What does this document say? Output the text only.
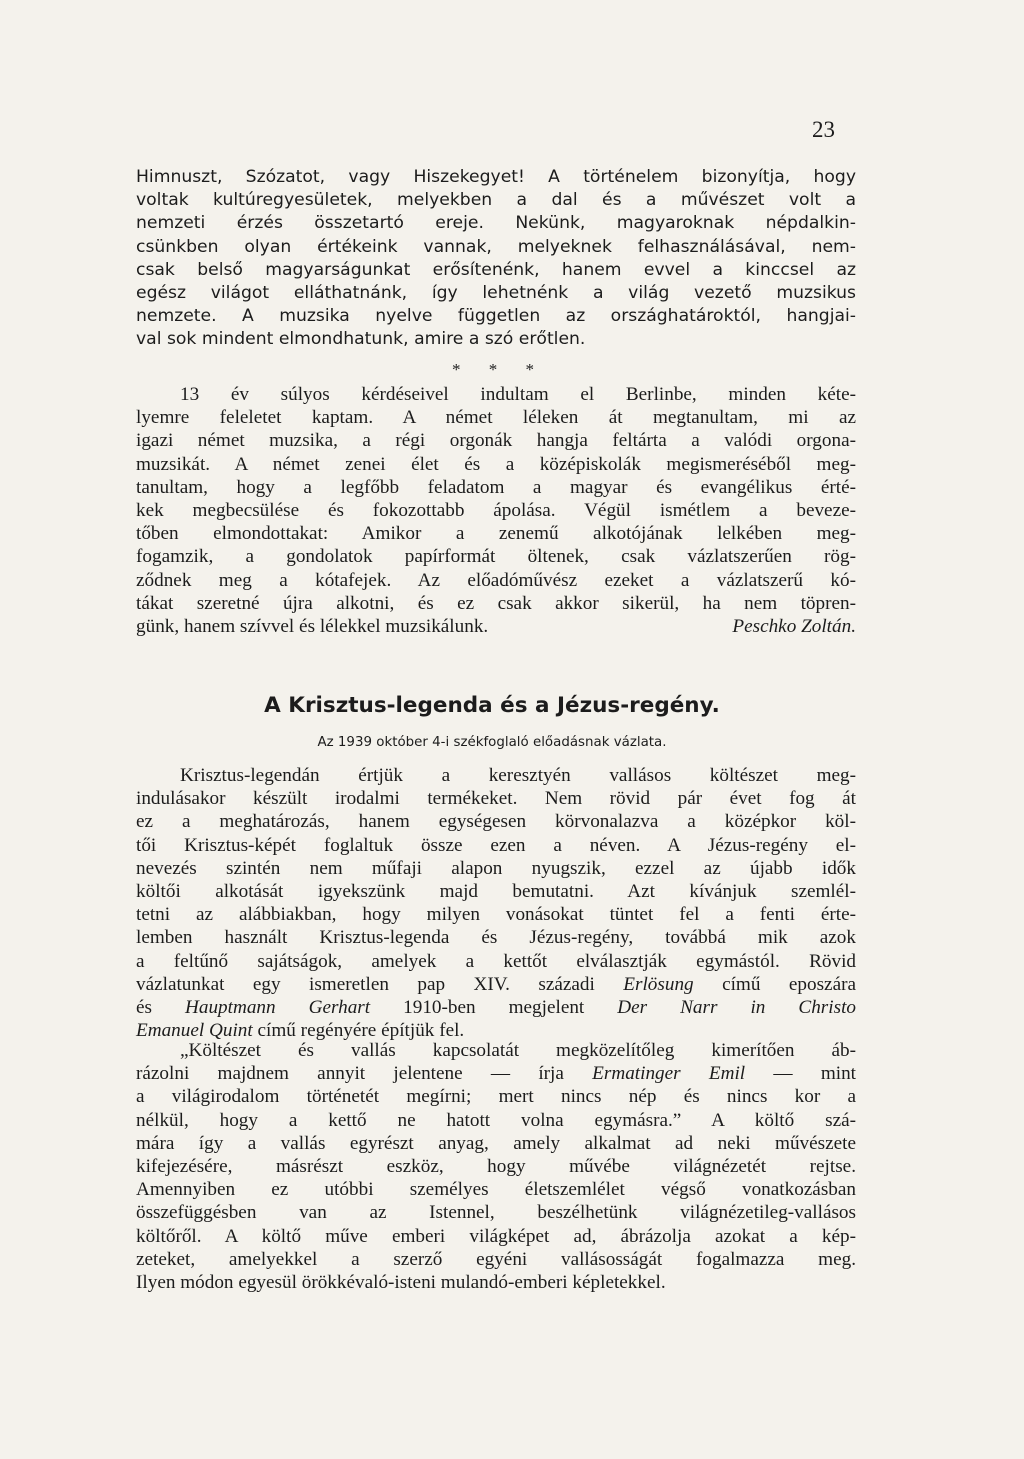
23
Himnuszt, Szózatot, vagy Hiszekegyet! A történelem bizonyítja, hogy
voltak kultúregyesületek, melyekben a dal és a művészet volt a
nemzeti érzés összetartó ereje. Nekünk, magyaroknak népdalkin-
csünkben olyan értékeink vannak, melyeknek felhasználásával, nem-
csak belső magyarságunkat erősítenénk, hanem evvel a kinccsel az
egész világot elláthatnánk, így lehetnénk a világ vezető muzsikus
nemzete. A muzsika nyelve független az országhatároktól, hangjai-
val sok mindent elmondhatunk, amire a szó erőtlen.
* * *
13 év súlyos kérdéseivel indultam el Berlinbe, minden kéte-
lyemre feleletet kaptam. A német léleken át megtanultam, mi az
igazi német muzsika, a régi orgonák hangja feltárta a valódi orgona-
muzsikát. A német zenei élet és a középiskolák megismeréséből meg-
tanultam, hogy a legfőbb feladatom a magyar és evangélikus érté-
kek megbecsülése és fokozottabb ápolása. Végül ismétlem a beveze-
tőben elmondottakat: Amikor a zenemű alkotójának lelkében meg-
fogamzik, a gondolatok papírformát öltenek, csak vázlatszerűen rög-
ződnek meg a kótafejek. Az előadóművész ezeket a vázlatszerű kó-
tákat szeretné újra alkotni, és ez csak akkor sikerül, ha nem töpren-
günk, hanem szívvel és lélekkel muzsikálunk.	Peschko Zoltán.
A Krisztus-legenda és a Jézus-regény.
Az 1939 október 4-i székfoglaló előadásnak vázlata.
Krisztus-legendán értjük a keresztyén vallásos költészet meg-
indulásakor készült irodalmi termékeket. Nem rövid pár évet fog át
ez a meghatározás, hanem egységesen körvonalazva a középkor köl-
tői Krisztus-képét foglaltuk össze ezen a néven. A Jézus-regény el-
nevezés szintén nem műfaji alapon nyugszik, ezzel az újabb idők
költői alkotását igyekszünk majd bemutatni. Azt kívánjuk szemlél-
tetni az alábbiakban, hogy milyen vonásokat tüntet fel a fenti érte-
lemben használt Krisztus-legenda és Jézus-regény, továbbá mik azok
a feltűnő sajátságok, amelyek a kettőt elválasztják egymástól. Rövid
vázlatunkat egy ismeretlen pap XIV. századi Erlösung című eposzára
és Hauptmann Gerhart 1910-ben megjelent Der Narr in Christo
Emanuel Quint című regényére építjük fel.
„Költészet és vallás kapcsolatát megközelítőleg kimerítően áb-
rázolni majdnem annyit jelentene — írja Ermatinger Emil — mint
a világirodalom történetét megírni; mert nincs nép és nincs kor a
nélkül, hogy a kettő ne hatott volna egymásra.” A költő szá-
mára így a vallás egyrészt anyag, amely alkalmat ad neki művészete
kifejezésére, másrészt eszköz, hogy művébe világnézetét rejtse.
Amennyiben ez utóbbi személyes életszemlélet végső vonatkozásban
összefüggésben van az Istennel, beszélhetünk világnézetileg-vallásos
költőről. A költő műve emberi világképet ad, ábrázolja azokat a kép-
zeteket, amelyekkel a szerző egyéni vallásosságát fogalmazza meg.
Ilyen módon egyesül örökkévaló-isteni mulandó-emberi képletekkel.
